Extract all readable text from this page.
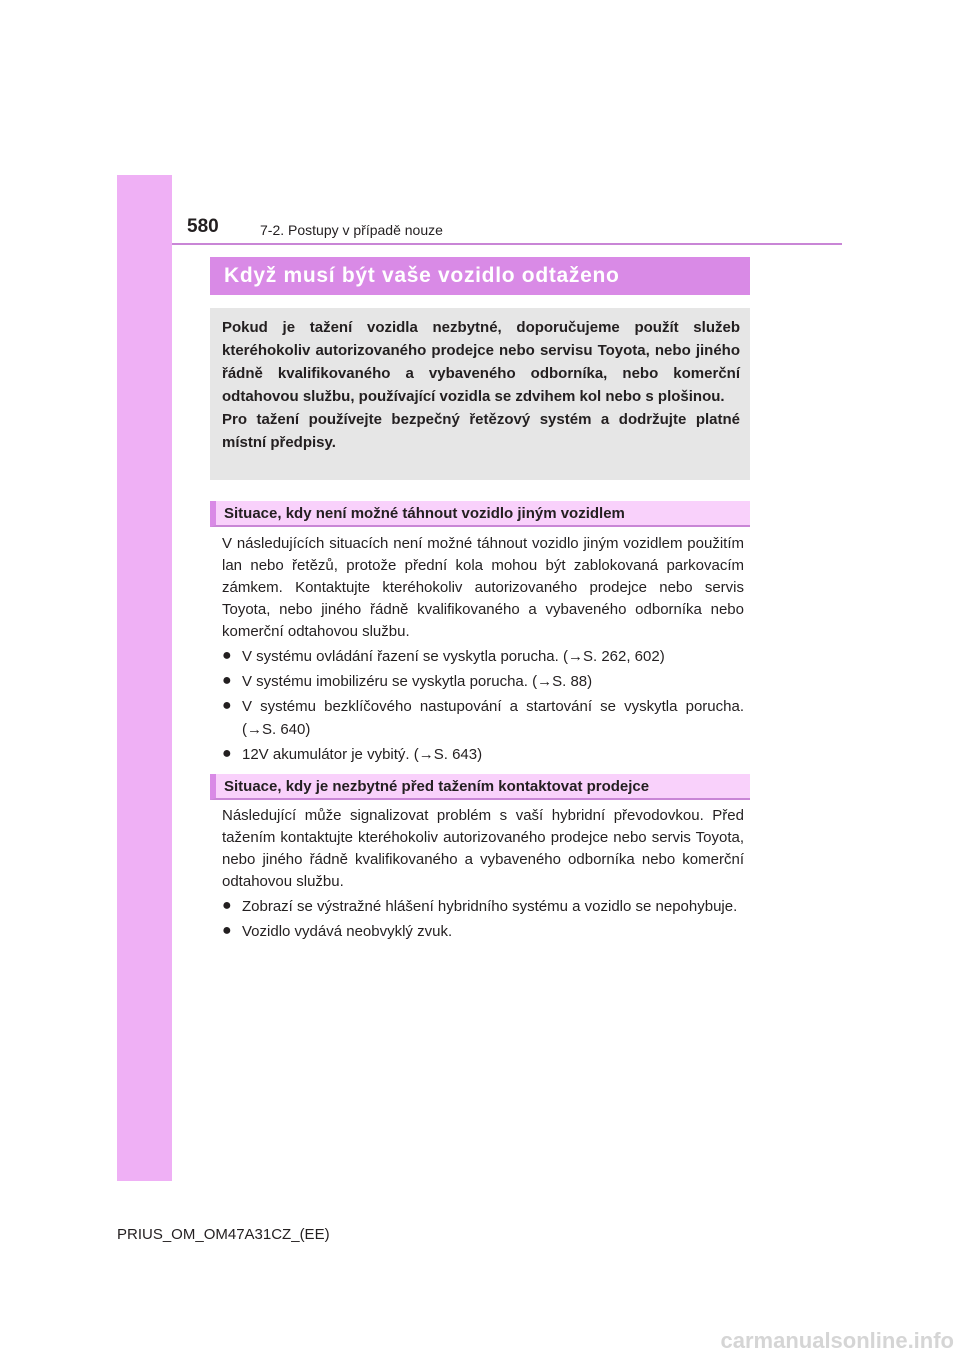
580	7-2. Postupy v případě nouze
Když musí být vaše vozidlo odtaženo

Pokud je tažení vozidla nezbytné, doporučujeme použít služeb kteréhokoliv autorizovaného prodejce nebo servisu Toyota, nebo jiného řádně kvalifikovaného a vybaveného odborníka, nebo komerční odtahovou službu, používající vozidla se zdvihem kol nebo s plošinou.

Pro tažení používejte bezpečný řetězový systém a dodržujte platné místní předpisy.

Situace, kdy není možné táhnout vozidlo jiným vozidlem

V následujících situacích není možné táhnout vozidlo jiným vozidlem použitím lan nebo řetězů, protože přední kola mohou být zablokovaná parkovacím zámkem. Kontaktujte kteréhokoliv autorizovaného prodejce nebo servis Toyota, nebo jiného řádně kvalifikovaného a vybaveného odborníka nebo komerční odtahovou službu.

● V systému ovládání řazení se vyskytla porucha. (→S. 262, 602)
● V systému imobilizéru se vyskytla porucha. (→S. 88)
● V systému bezklíčového nastupování a startování se vyskytla porucha. (→S. 640)
● 12V akumulátor je vybitý. (→S. 643)
Situace, kdy je nezbytné před tažením kontaktovat prodejce

Následující může signalizovat problém s vaší hybridní převodovkou. Před tažením kontaktujte kteréhokoliv autorizovaného prodejce nebo servis Toyota, nebo jiného řádně kvalifikovaného a vybaveného odborníka nebo komerční odtahovou službu.

● Zobrazí se výstražné hlášení hybridního systému a vozidlo se nepohybuje.
● Vozidlo vydává neobvyklý zvuk.
PRIUS_OM_OM47A31CZ_(EE)
carmanualsonline.info
